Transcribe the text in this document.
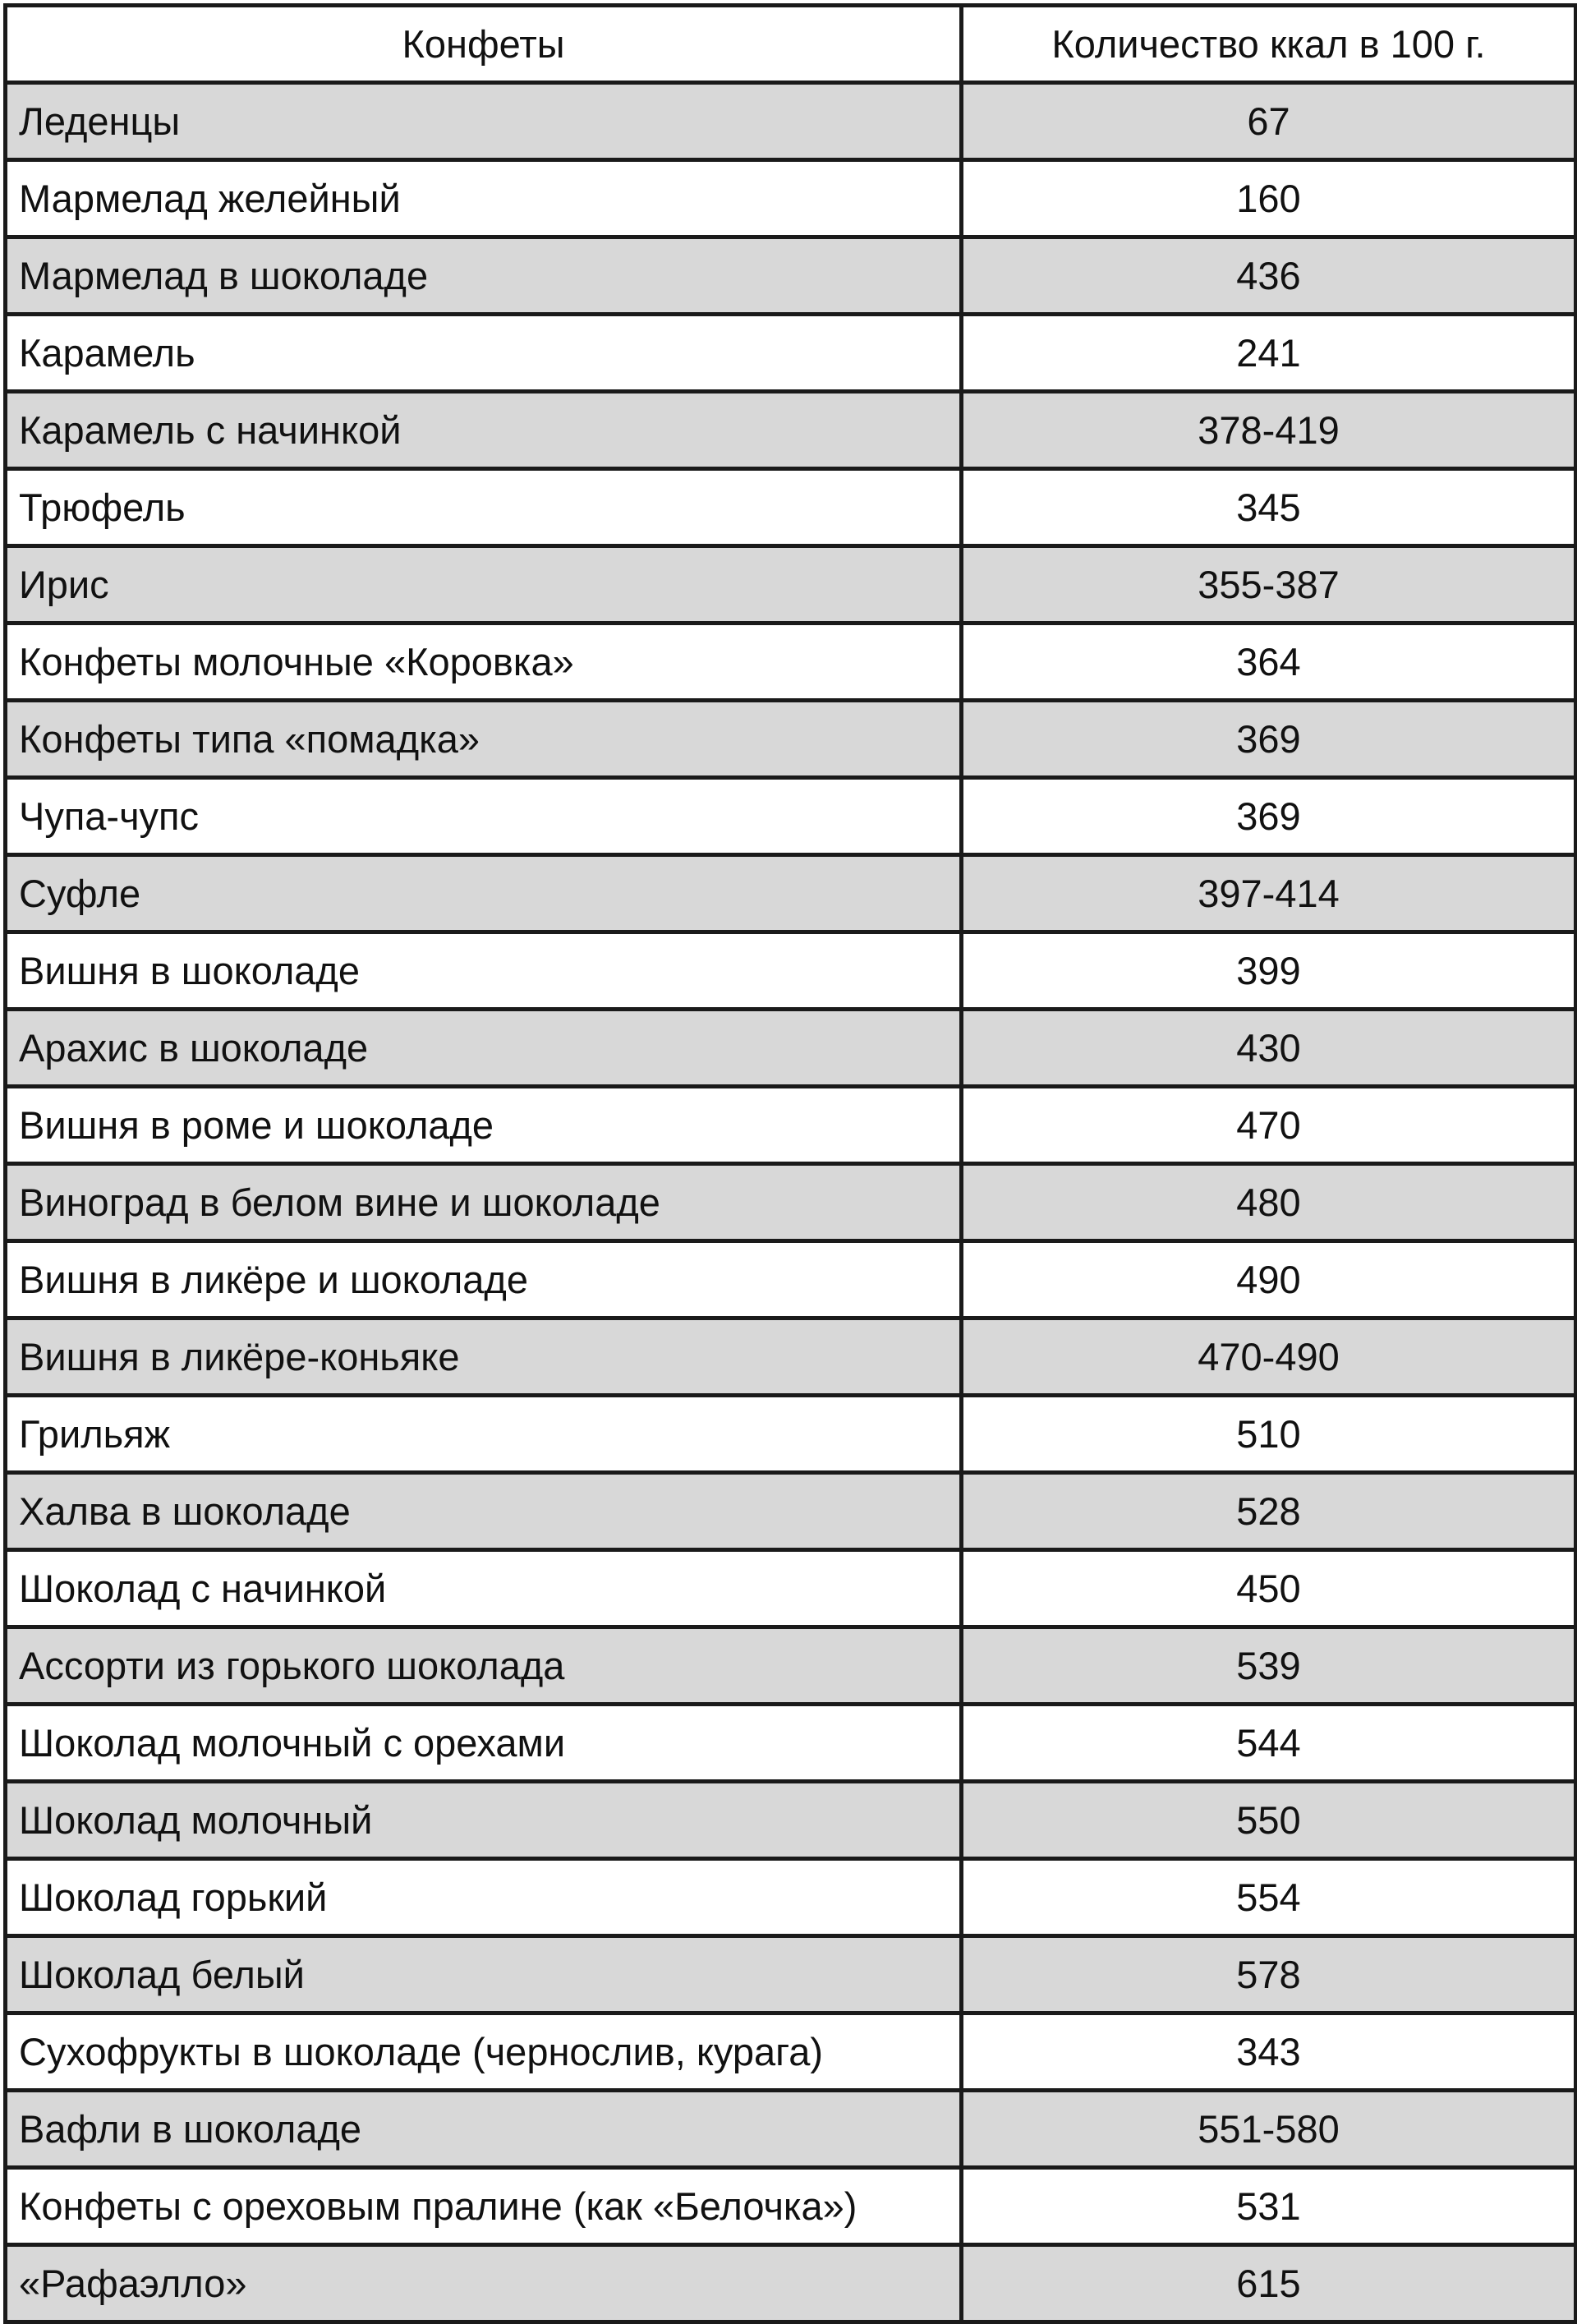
Конфеты	Количество ккал в 100 г.
Леденцы	67
Мармелад желейный	160
Мармелад в шоколаде	436
Карамель	241
Карамель с начинкой	378-419
Трюфель	345
Ирис	355-387
Конфеты молочные «Коровка»	364
Конфеты типа «помадка»	369
Чупа-чупс	369
Суфле	397-414
Вишня в шоколаде	399
Арахис в шоколаде	430
Вишня в роме и шоколаде	470
Виноград в белом вине и шоколаде	480
Вишня в ликёре и шоколаде	490
Вишня в ликёре-коньяке	470-490
Грильяж	510
Халва в шоколаде	528
Шоколад с начинкой	450
Ассорти из горького шоколада	539
Шоколад молочный с орехами	544
Шоколад молочный	550
Шоколад горький	554
Шоколад белый	578
Сухофрукты в шоколаде (чернослив, курага)	343
Вафли в шоколаде	551-580
Конфеты с ореховым пралине (как «Белочка»)	531
«Рафаэлло»	615
